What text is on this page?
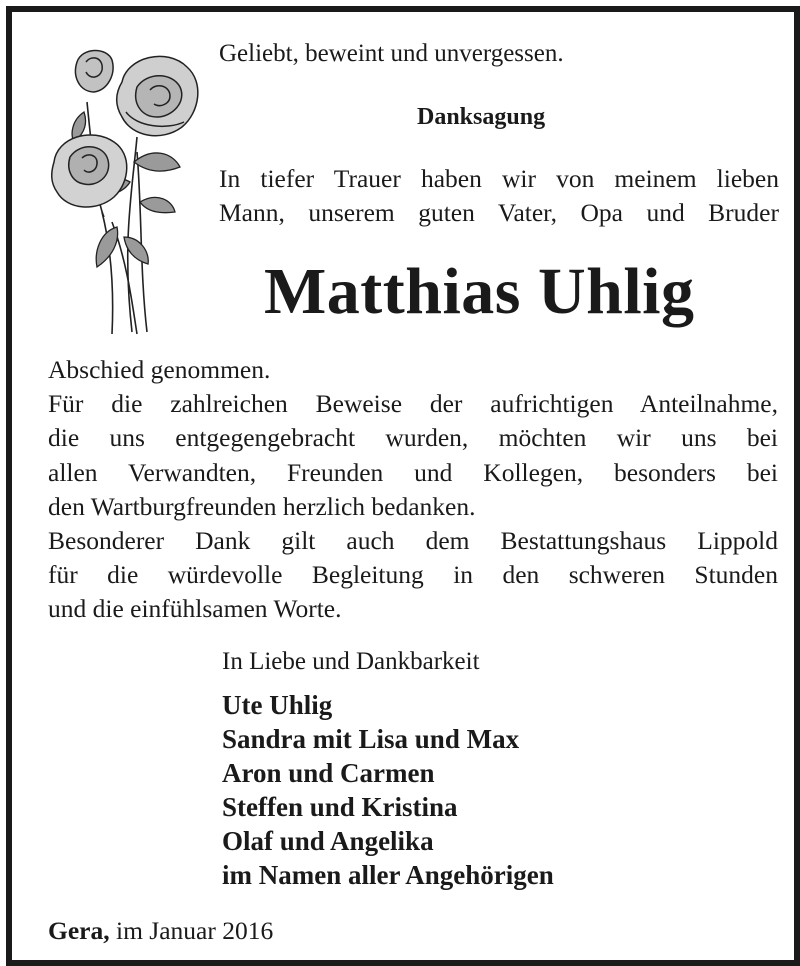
Geliebt, beweint und unvergessen.
Danksagung
In tiefer Trauer haben wir von meinem lieben
Mann, unserem guten Vater, Opa und Bruder
Matthias Uhlig
Abschied genommen.
Für die zahlreichen Beweise der aufrichtigen Anteilnahme,
die uns entgegengebracht wurden, möchten wir uns bei
allen Verwandten, Freunden und Kollegen, besonders bei
den Wartburgfreunden herzlich bedanken.
Besonderer Dank gilt auch dem Bestattungshaus Lippold
für die würdevolle Begleitung in den schweren Stunden
und die einfühlsamen Worte.
In Liebe und Dankbarkeit
Ute Uhlig
Sandra mit Lisa und Max
Aron und Carmen
Steffen und Kristina
Olaf und Angelika
im Namen aller Angehörigen
Gera, im Januar 2016
